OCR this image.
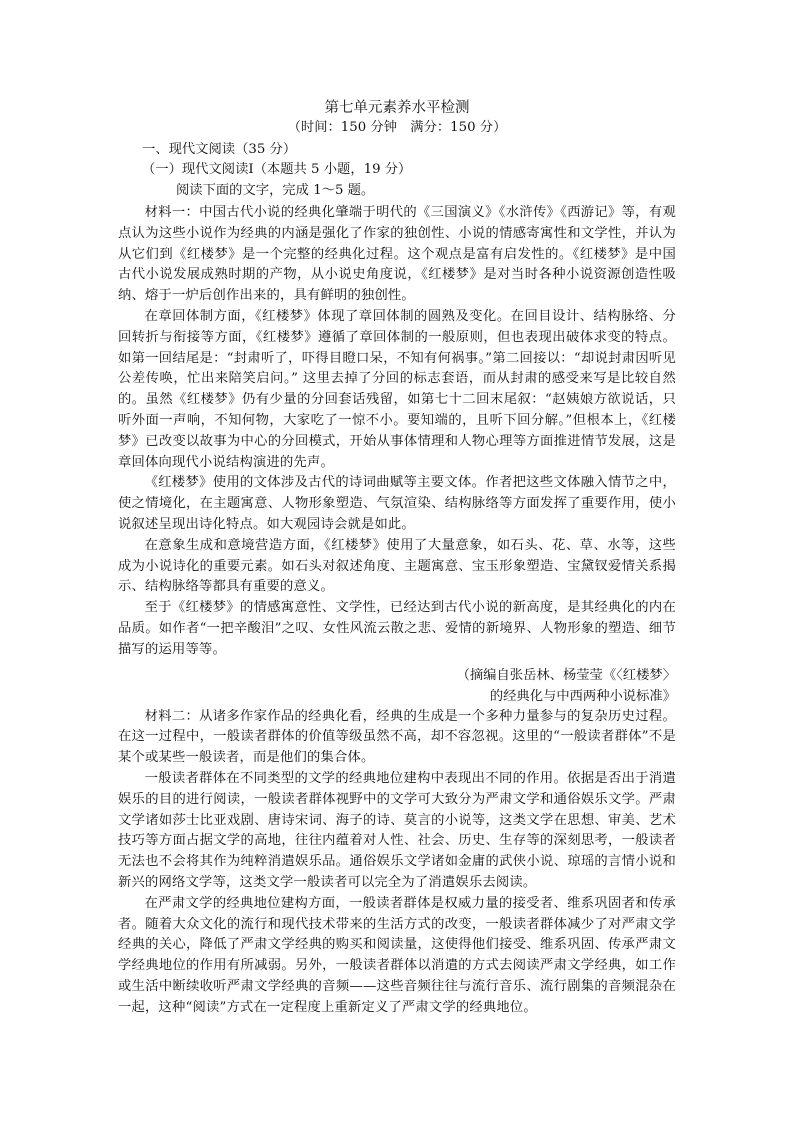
第七单元素养水平检测
（时间：150 分钟　满分：150 分）
一、现代文阅读（35 分）
（一）现代文阅读Ⅰ（本题共 5 小题，19 分）
阅读下面的文字，完成 1～5 题。

材料一：中国古代小说的经典化肇端于明代的《三国演义》《水浒传》《西游记》等，有观点认为这些小说作为经典的内涵是强化了作家的独创性、小说的情感寄寓性和文学性，并认为从它们到《红楼梦》是一个完整的经典化过程。这个观点是富有启发性的。《红楼梦》是中国古代小说发展成熟时期的产物，从小说史角度说，《红楼梦》是对当时各种小说资源创造性吸纳、熔于一炉后创作出来的，具有鲜明的独创性。

在章回体制方面，《红楼梦》体现了章回体制的圆熟及变化。在回目设计、结构脉络、分回转折与衔接等方面，《红楼梦》遵循了章回体制的一般原则，但也表现出破体求变的特点。如第一回结尾是：“封肃听了，吓得目瞪口呆，不知有何祸事。”第二回接以：“却说封肃因听见公差传唤，忙出来陪笑启问。” 这里去掉了分回的标志套语，而从封肃的感受来写是比较自然的。虽然《红楼梦》仍有少量的分回套话残留，如第七十二回末尾叙：“赵姨娘方欲说话，只听外面一声响，不知何物，大家吃了一惊不小。要知端的，且听下回分解。”但根本上，《红楼梦》已改变以故事为中心的分回模式，开始从事体情理和人物心理等方面推进情节发展，这是章回体向现代小说结构演进的先声。

《红楼梦》使用的文体涉及古代的诗词曲赋等主要文体。作者把这些文体融入情节之中，使之情境化，在主题寓意、人物形象塑造、气氛渲染、结构脉络等方面发挥了重要作用，使小说叙述呈现出诗化特点。如大观园诗会就是如此。

在意象生成和意境营造方面，《红楼梦》使用了大量意象，如石头、花、草、水等，这些成为小说诗化的重要元素。如石头对叙述角度、主题寓意、宝玉形象塑造、宝黛钗爱情关系揭示、结构脉络等都具有重要的意义。

至于《红楼梦》的情感寓意性、文学性，已经达到古代小说的新高度，是其经典化的内在品质。如作者“一把辛酸泪”之叹、女性风流云散之悲、爱情的新境界、人物形象的塑造、细节描写的运用等等。

（摘编自张岳林、杨莹莹《〈红楼梦〉
的经典化与中西两种小说标准》

材料二：从诸多作家作品的经典化看，经典的生成是一个多种力量参与的复杂历史过程。在这一过程中，一般读者群体的价值等级虽然不高，却不容忽视。这里的“一般读者群体”不是某个或某些一般读者，而是他们的集合体。

一般读者群体在不同类型的文学的经典地位建构中表现出不同的作用。依据是否出于消遣娱乐的目的进行阅读，一般读者群体视野中的文学可大致分为严肃文学和通俗娱乐文学。严肃文学诸如莎士比亚戏剧、唐诗宋词、海子的诗、莫言的小说等，这类文学在思想、审美、艺术技巧等方面占据文学的高地，往往内蕴着对人性、社会、历史、生存等的深刻思考，一般读者无法也不会将其作为纯粹消遣娱乐品。通俗娱乐文学诸如金庸的武侠小说、琼瑶的言情小说和新兴的网络文学等，这类文学一般读者可以完全为了消遣娱乐去阅读。

在严肃文学的经典地位建构方面，一般读者群体是权威力量的接受者、维系巩固者和传承者。随着大众文化的流行和现代技术带来的生活方式的改变，一般读者群体减少了对严肃文学经典的关心，降低了严肃文学经典的购买和阅读量，这使得他们接受、维系巩固、传承严肃文学经典地位的作用有所减弱。另外，一般读者群体以消遣的方式去阅读严肃文学经典，如工作或生活中断续收听严肃文学经典的音频——这些音频往往与流行音乐、流行剧集的音频混杂在一起，这种“阅读”方式在一定程度上重新定义了严肃文学的经典地位。
